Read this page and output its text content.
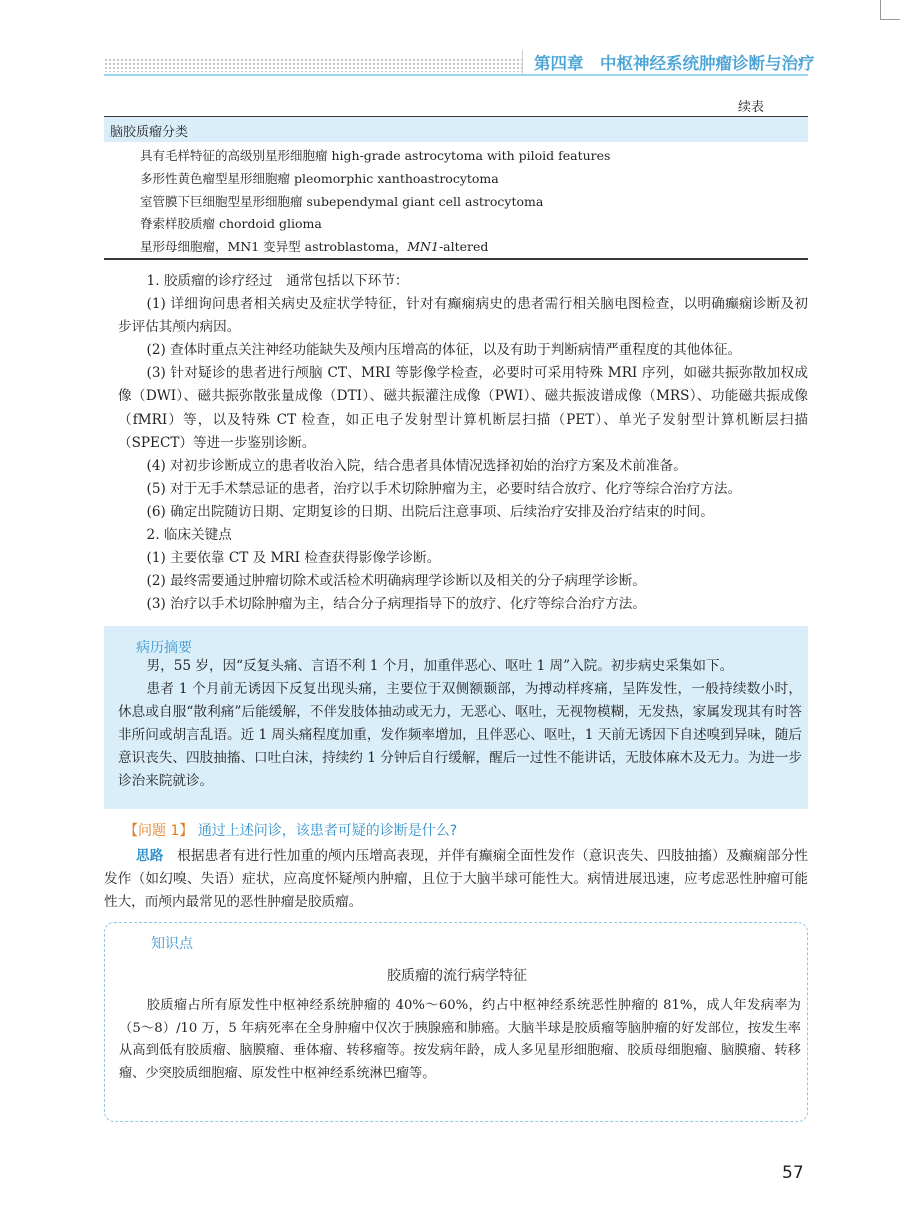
第四章　中枢神经系统肿瘤诊断与治疗
续表
脑胶质瘤分类
具有毛样特征的高级别星形细胞瘤 high-grade astrocytoma with piloid features
多形性黄色瘤型星形细胞瘤 pleomorphic xanthoastrocytoma
室管膜下巨细胞型星形细胞瘤 subependymal giant cell astrocytoma
脊索样胶质瘤 chordoid glioma
星形母细胞瘤，MN1 变异型 astroblastoma，MN1-altered
1. 胶质瘤的诊疗经过　通常包括以下环节：
(1) 详细询问患者相关病史及症状学特征，针对有癫痫病史的患者需行相关脑电图检查，以明确癫痫诊断及初步评估其颅内病因。
(2) 查体时重点关注神经功能缺失及颅内压增高的体征，以及有助于判断病情严重程度的其他体征。
(3) 针对疑诊的患者进行颅脑 CT、MRI 等影像学检查，必要时可采用特殊 MRI 序列，如磁共振弥散加权成像（DWI）、磁共振弥散张量成像（DTI）、磁共振灌注成像（PWI）、磁共振波谱成像（MRS）、功能磁共振成像（fMRI）等，以及特殊 CT 检查，如正电子发射型计算机断层扫描（PET）、单光子发射型计算机断层扫描（SPECT）等进一步鉴别诊断。
(4) 对初步诊断成立的患者收治入院，结合患者具体情况选择初始的治疗方案及术前准备。
(5) 对于无手术禁忌证的患者，治疗以手术切除肿瘤为主，必要时结合放疗、化疗等综合治疗方法。
(6) 确定出院随访日期、定期复诊的日期、出院后注意事项、后续治疗安排及治疗结束的时间。
2. 临床关键点
(1) 主要依靠 CT 及 MRI 检查获得影像学诊断。
(2) 最终需要通过肿瘤切除术或活检术明确病理学诊断以及相关的分子病理学诊断。
(3) 治疗以手术切除肿瘤为主，结合分子病理指导下的放疗、化疗等综合治疗方法。
病历摘要
男，55 岁，因“反复头痛、言语不利 1 个月，加重伴恶心、呕吐 1 周”入院。初步病史采集如下。
患者 1 个月前无诱因下反复出现头痛，主要位于双侧额颞部，为搏动样疼痛，呈阵发性，一般持续数小时，休息或自服“散利痛”后能缓解，不伴发肢体抽动或无力，无恶心、呕吐，无视物模糊，无发热，家属发现其有时答非所问或胡言乱语。近 1 周头痛程度加重，发作频率增加，且伴恶心、呕吐，1 天前无诱因下自述嗅到异味，随后意识丧失、四肢抽搐、口吐白沫，持续约 1 分钟后自行缓解，醒后一过性不能讲话，无肢体麻木及无力。为进一步诊治来院就诊。
【问题 1】 通过上述问诊，该患者可疑的诊断是什么?
思路　 根据患者有进行性加重的颅内压增高表现，并伴有癫痫全面性发作（意识丧失、四肢抽搐）及癫痫部分性发作（如幻嗅、失语）症状，应高度怀疑颅内肿瘤，且位于大脑半球可能性大。病情进展迅速，应考虑恶性肿瘤可能性大，而颅内最常见的恶性肿瘤是胶质瘤。
知识点
胶质瘤的流行病学特征
胶质瘤占所有原发性中枢神经系统肿瘤的 40%～60%，约占中枢神经系统恶性肿瘤的 81%，成人年发病率为（5～8）/10 万，5 年病死率在全身肿瘤中仅次于胰腺癌和肺癌。大脑半球是胶质瘤等脑肿瘤的好发部位，按发生率从高到低有胶质瘤、脑膜瘤、垂体瘤、转移瘤等。按发病年龄，成人多见星形细胞瘤、胶质母细胞瘤、脑膜瘤、转移瘤、少突胶质细胞瘤、原发性中枢神经系统淋巴瘤等。
57
